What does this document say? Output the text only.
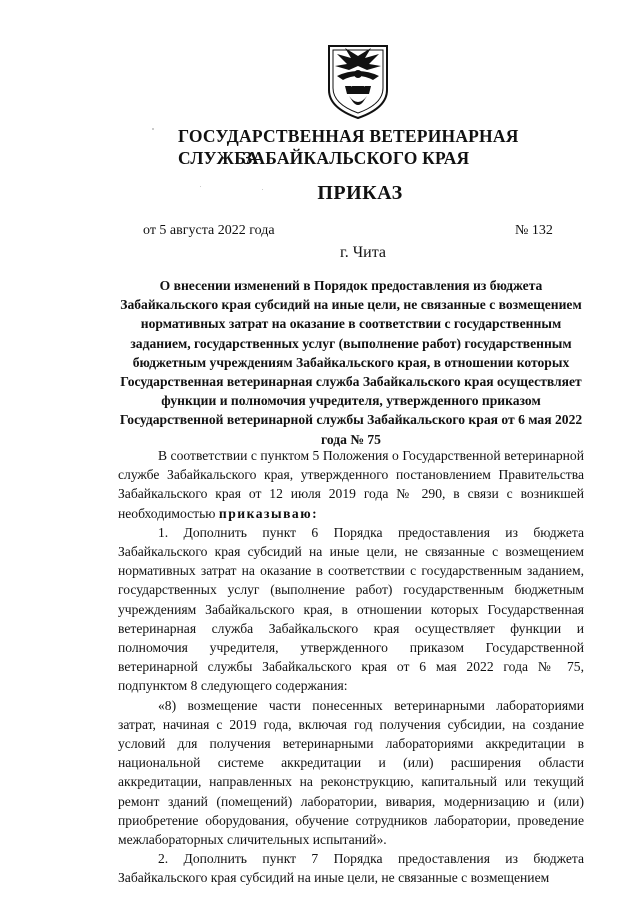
ГОСУДАРСТВЕННАЯ ВЕТЕРИНАРНАЯ СЛУЖБА
ЗАБАЙКАЛЬСКОГО КРАЯ
ПРИКАЗ
от 5 августа 2022 года	№ 132
г. Чита
О внесении изменений в Порядок предоставления из бюджета Забайкальского края субсидий на иные цели, не связанные с возмещением нормативных затрат на оказание в соответствии с государственным заданием, государственных услуг (выполнение работ) государственным бюджетным учреждениям Забайкальского края, в отношении которых Государственная ветеринарная служба Забайкальского края осуществляет функции и полномочия учредителя, утвержденного приказом Государственной ветеринарной службы Забайкальского края от 6 мая 2022 года № 75

В соответствии с пунктом 5 Положения о Государственной ветеринарной службе Забайкальского края, утвержденного постановлением Правительства Забайкальского края от 12 июля 2019 года № 290, в связи с возникшей необходимостью приказываю:

1. Дополнить пункт 6 Порядка предоставления из бюджета Забайкальского края субсидий на иные цели, не связанные с возмещением нормативных затрат на оказание в соответствии с государственным заданием, государственных услуг (выполнение работ) государственным бюджетным учреждениям Забайкальского края, в отношении которых Государственная ветеринарная служба Забайкальского края осуществляет функции и полномочия учредителя, утвержденного приказом Государственной ветеринарной службы Забайкальского края от 6 мая 2022 года № 75, подпунктом 8 следующего содержания:

«8) возмещение части понесенных ветеринарными лабораториями затрат, начиная с 2019 года, включая год получения субсидии, на создание условий для получения ветеринарными лабораториями аккредитации в национальной системе аккредитации и (или) расширения области аккредитации, направленных на реконструкцию, капитальный или текущий ремонт зданий (помещений) лаборатории, вивария, модернизацию и (или) приобретение оборудования, обучение сотрудников лаборатории, проведение межлабораторных сличительных испытаний».

2. Дополнить пункт 7 Порядка предоставления из бюджета Забайкальского края субсидий на иные цели, не связанные с возмещением
